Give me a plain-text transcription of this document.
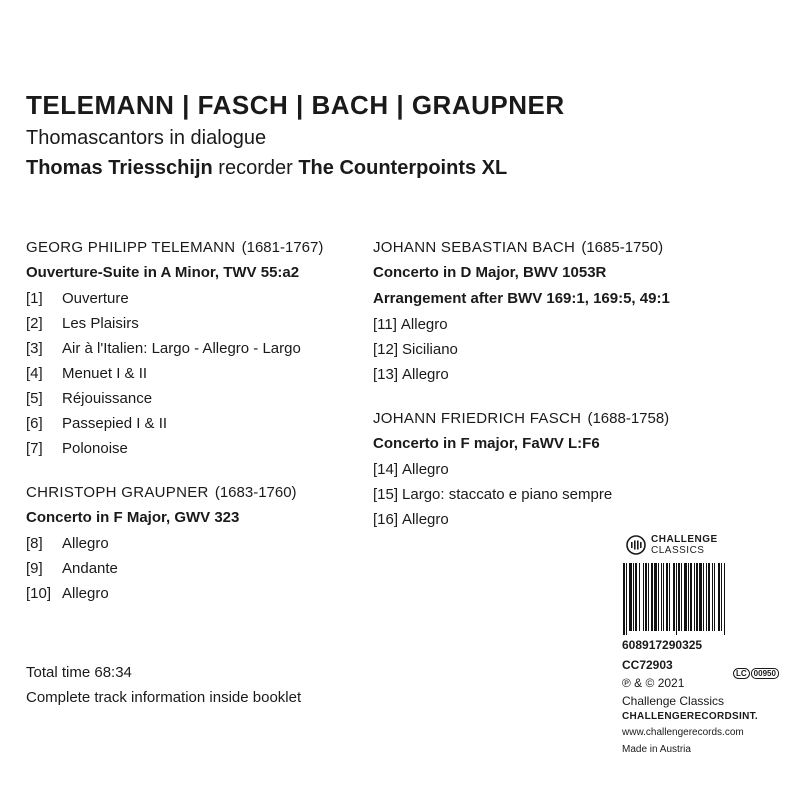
TELEMANN | FASCH | BACH | GRAUPNER
Thomascantors in dialogue
Thomas Triesschijn recorder The Counterpoints XL
GEORG PHILIPP TELEMANN (1681-1767)
Ouverture-Suite in A Minor, TWV 55:a2
[1] Ouverture
[2] Les Plaisirs
[3] Air à l'Italien: Largo - Allegro - Largo
[4] Menuet I & II
[5] Réjouissance
[6] Passepied I & II
[7] Polonoise
CHRISTOPH GRAUPNER (1683-1760)
Concerto in F Major, GWV 323
[8] Allegro
[9] Andante
[10] Allegro
JOHANN SEBASTIAN BACH (1685-1750)
Concerto in D Major, BWV 1053R
Arrangement after BWV 169:1, 169:5, 49:1
[11] Allegro
[12] Siciliano
[13] Allegro
JOHANN FRIEDRICH FASCH (1688-1758)
Concerto in F major, FaWV L:F6
[14] Allegro
[15] Largo: staccato e piano sempre
[16] Allegro
Total time 68:34
Complete track information inside booklet
CHALLENGE
CLASSICS
608917290325
CC72903
LC 00950
℗ & © 2021
Challenge Classics
CHALLENGERECORDSINT.
www.challengerecords.com
Made in Austria
